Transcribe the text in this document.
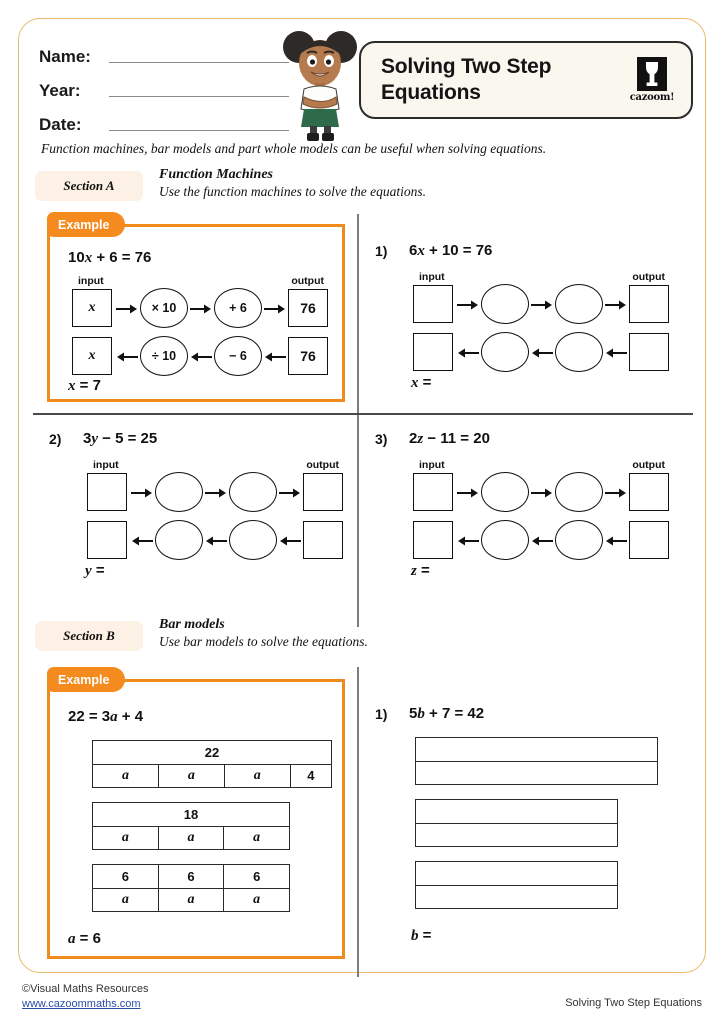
Name:
Year:
Date:
Solving Two Step Equations	cazoom!
Function machines, bar models and part whole models can be useful when solving equations.
Section A
Function Machines
Use the function machines to solve the equations.
Example
10x + 6 = 76
input	output
x	× 10	+ 6	76
x	÷ 10	− 6	76
x = 7
1) 6x + 10 = 76
input	output
x =
2) 3y − 5 = 25
input	output
y =
3) 2z − 11 = 20
input	output
z =
Section B
Bar models
Use bar models to solve the equations.
Example
22 = 3a + 4
22
a	a	a	4
18
a	a	a
6	6	6
a	a	a
a = 6
1) 5b + 7 = 42
b =
©Visual Maths Resources
www.cazoommaths.com	Solving Two Step Equations
